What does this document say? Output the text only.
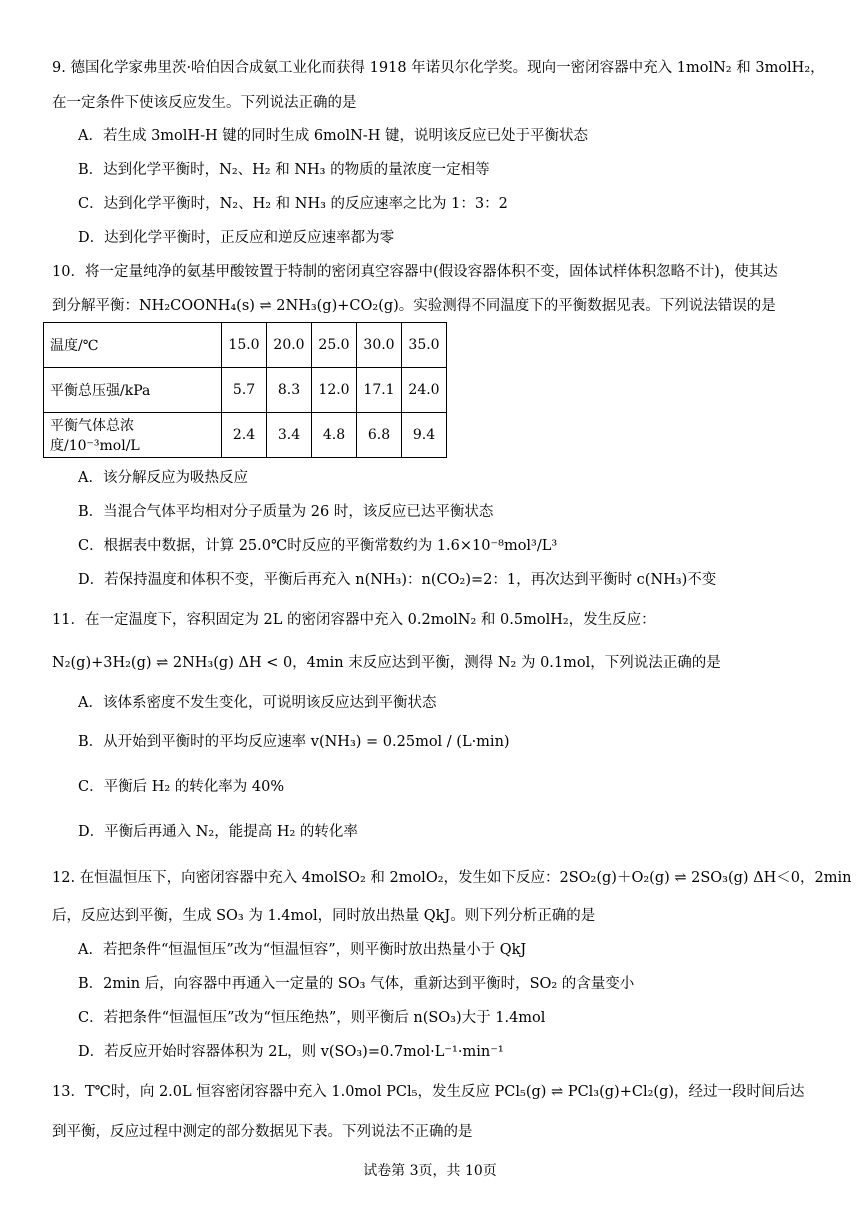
9. 德国化学家弗里茨·哈伯因合成氨工业化而获得 1918 年诺贝尔化学奖。现向一密闭容器中充入 1molN₂ 和 3molH₂，
在一定条件下使该反应发生。下列说法正确的是
A．若生成 3molH-H 键的同时生成 6molN-H 键，说明该反应已处于平衡状态
B．达到化学平衡时，N₂、H₂ 和 NH₃ 的物质的量浓度一定相等
C．达到化学平衡时，N₂、H₂ 和 NH₃ 的反应速率之比为 1：3：2
D．达到化学平衡时，正反应和逆反应速率都为零
10．将一定量纯净的氨基甲酸铵置于特制的密闭真空容器中(假设容器体积不变，固体试样体积忽略不计)，使其达
到分解平衡：NH₂COONH₄(s) ⇌ 2NH₃(g)+CO₂(g)。实验测得不同温度下的平衡数据见表。下列说法错误的是
温度/℃	15.0	20.0	25.0	30.0	35.0
平衡总压强/kPa	5.7	8.3	12.0	17.1	24.0
平衡气体总浓度/10⁻³mol/L	2.4	3.4	4.8	6.8	9.4
A．该分解反应为吸热反应
B．当混合气体平均相对分子质量为 26 时，该反应已达平衡状态
C．根据表中数据，计算 25.0℃时反应的平衡常数约为 1.6×10⁻⁸mol³/L³
D．若保持温度和体积不变，平衡后再充入 n(NH₃)：n(CO₂)=2：1，再次达到平衡时 c(NH₃)不变
11．在一定温度下，容积固定为 2L 的密闭容器中充入 0.2molN₂ 和 0.5molH₂，发生反应：
N₂(g)+3H₂(g) ⇌ 2NH₃(g) ΔH < 0，4min 末反应达到平衡，测得 N₂ 为 0.1mol，下列说法正确的是
A．该体系密度不发生变化，可说明该反应达到平衡状态
B．从开始到平衡时的平均反应速率 v(NH₃) = 0.25mol / (L·min)
C．平衡后 H₂ 的转化率为 40%
D．平衡后再通入 N₂，能提高 H₂ 的转化率
12. 在恒温恒压下，向密闭容器中充入 4molSO₂ 和 2molO₂，发生如下反应：2SO₂(g)＋O₂(g) ⇌ 2SO₃(g) ΔH＜0，2min
后，反应达到平衡，生成 SO₃ 为 1.4mol，同时放出热量 QkJ。则下列分析正确的是
A．若把条件“恒温恒压”改为“恒温恒容”，则平衡时放出热量小于 QkJ
B．2min 后，向容器中再通入一定量的 SO₃ 气体，重新达到平衡时，SO₂ 的含量变小
C．若把条件“恒温恒压”改为“恒压绝热”，则平衡后 n(SO₃)大于 1.4mol
D．若反应开始时容器体积为 2L，则 v(SO₃)=0.7mol·L⁻¹·min⁻¹
13．T℃时，向 2.0L 恒容密闭容器中充入 1.0mol PCl₅，发生反应 PCl₅(g) ⇌ PCl₃(g)+Cl₂(g)，经过一段时间后达
到平衡，反应过程中测定的部分数据见下表。下列说法不正确的是
试卷第 3页，共 10页
